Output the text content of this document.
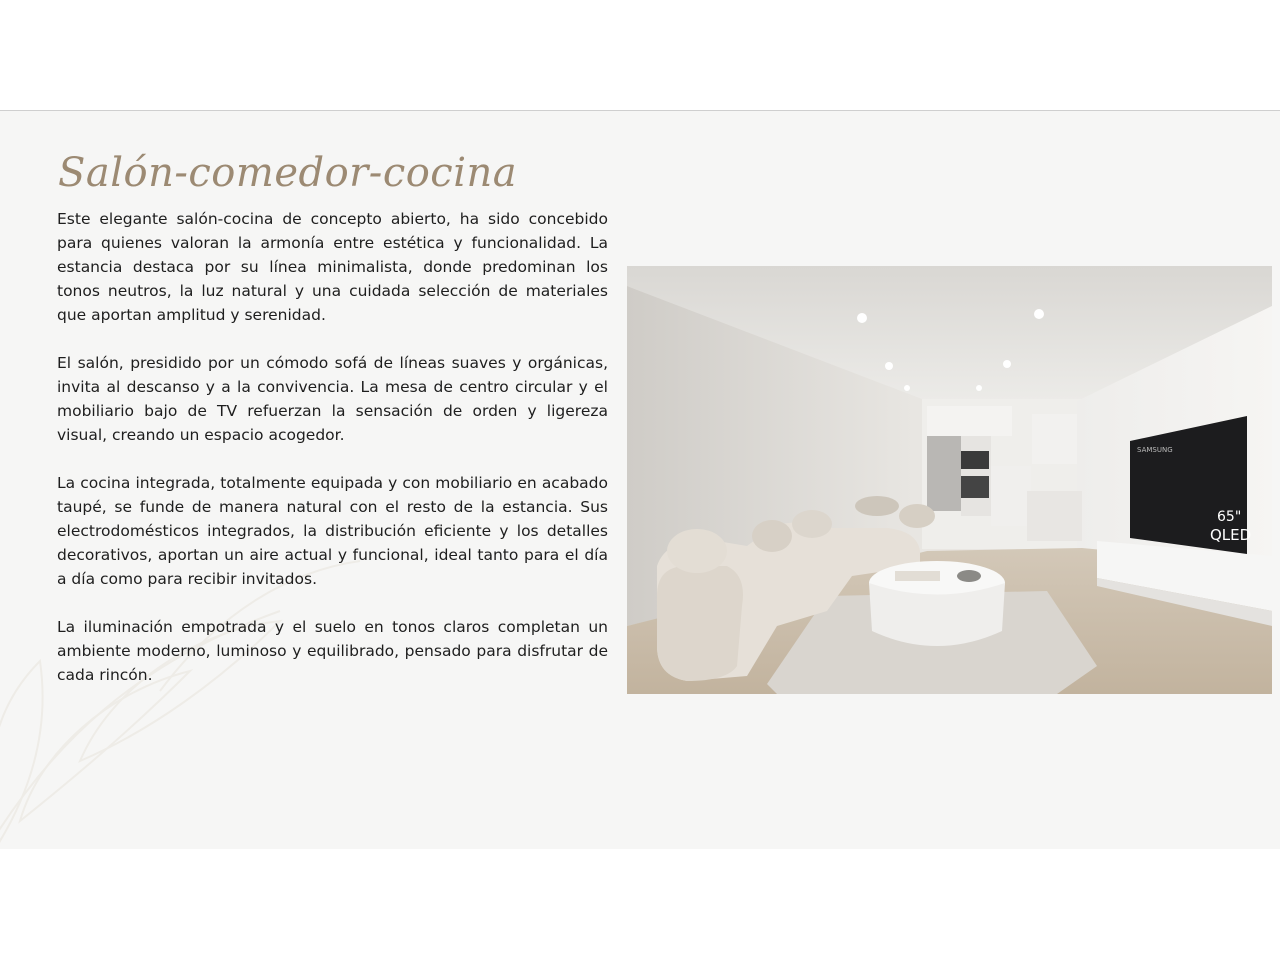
Salón-comedor-cocina

Este elegante salón-cocina de concepto abierto, ha sido concebido para quienes valoran la armonía entre estética y funcionalidad. La estancia destaca por su línea minimalista, donde predominan los tonos neutros, la luz natural y una cuidada selección de materiales que aportan amplitud y serenidad.

El salón, presidido por un cómodo sofá de líneas suaves y orgánicas, invita al descanso y a la convivencia. La mesa de centro circular y el mobiliario bajo de TV refuerzan la sensación de orden y ligereza visual, creando un espacio acogedor.

La cocina integrada, totalmente equipada y con mobiliario en acabado taupé, se funde de manera natural con el resto de la estancia. Sus electrodomésticos integrados, la distribución eficiente y los detalles decorativos, aportan un aire actual y funcional, ideal tanto para el día a día como para recibir invitados.

La iluminación empotrada y el suelo en tonos claros completan un ambiente moderno, luminoso y equilibrado, pensado para disfrutar de cada rincón.

SAMSUNG
65"
QLED
